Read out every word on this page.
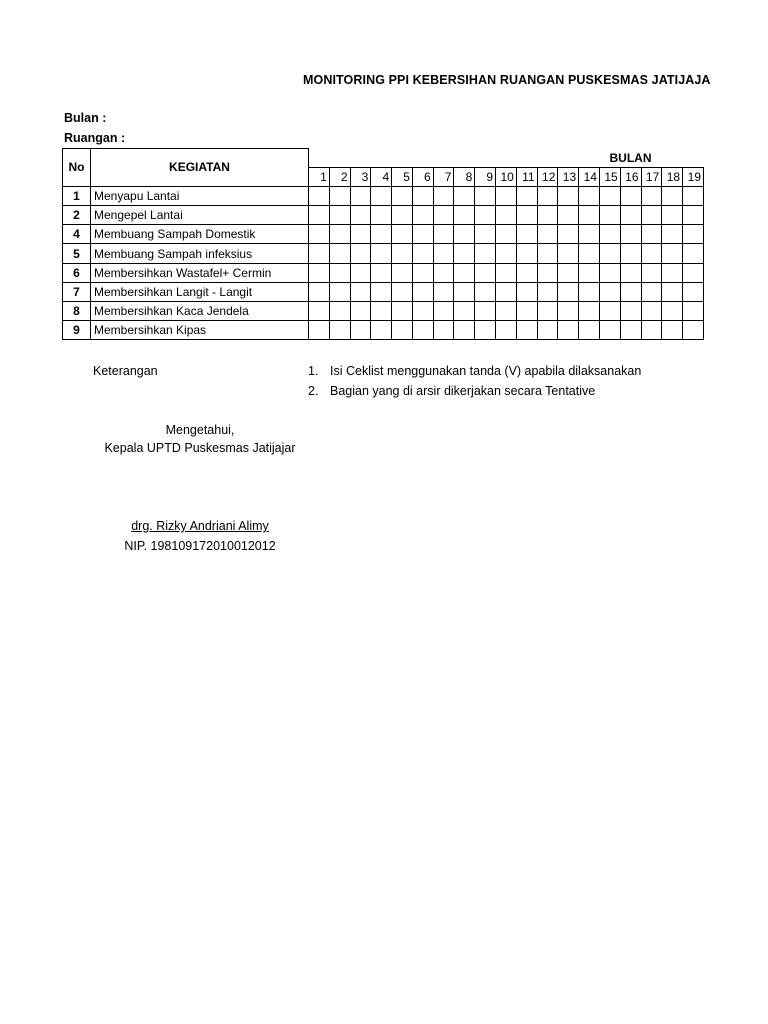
MONITORING PPI KEBERSIHAN RUANGAN PUSKESMAS JATIJAJA
Bulan :
Ruangan :
No	KEGIATAN	BULAN																		
		1	2	3	4	5	6	7	8	9	10	11	12	13	14	15	16	17	18	19
1	Menyapu Lantai																			
2	Mengepel Lantai																			
4	Membuang Sampah Domestik																			
5	Membuang Sampah infeksius																			
6	Membersihkan Wastafel+ Cermin																			
7	Membersihkan Langit - Langit																			
8	Membersihkan Kaca Jendela																			
9	Membersihkan Kipas																			
Keterangan	1. Isi Ceklist menggunakan tanda (V) apabila dilaksanakan
2. Bagian yang di arsir dikerjakan secara Tentative
Mengetahui,
Kepala UPTD Puskesmas Jatijajar
drg. Rizky Andriani Alimy
NIP. 198109172010012012
